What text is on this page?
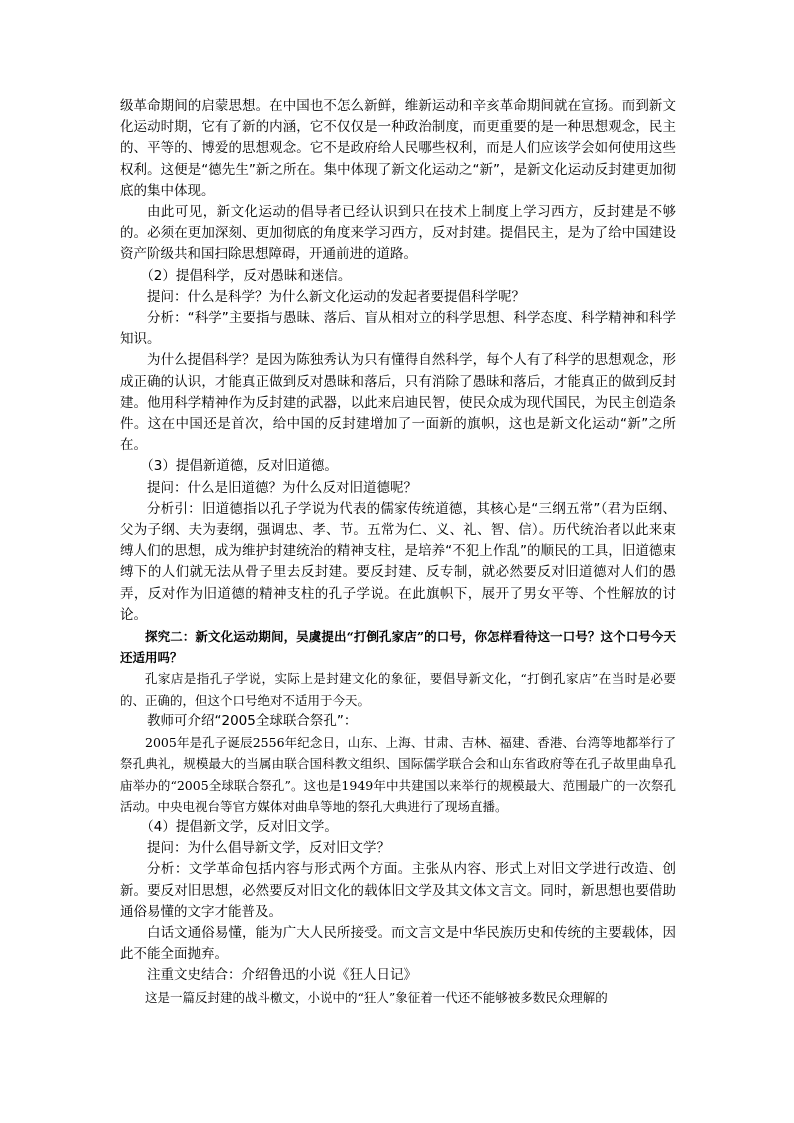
级革命期间的启蒙思想。在中国也不怎么新鲜，维新运动和辛亥革命期间就在宣扬。而到新文化运动时期，它有了新的内涵，它不仅仅是一种政治制度，而更重要的是一种思想观念，民主的、平等的、博爱的思想观念。它不是政府给人民哪些权利，而是人们应该学会如何使用这些权利。这便是“德先生”新之所在。集中体现了新文化运动之“新”，是新文化运动反封建更加彻底的集中体现。

由此可见，新文化运动的倡导者已经认识到只在技术上制度上学习西方，反封建是不够的。必须在更加深刻、更加彻底的角度来学习西方，反对封建。提倡民主，是为了给中国建设资产阶级共和国扫除思想障碍，开通前进的道路。

（2）提倡科学，反对愚昧和迷信。

提问：什么是科学？为什么新文化运动的发起者要提倡科学呢？

分析：“科学”主要指与愚昧、落后、盲从相对立的科学思想、科学态度、科学精神和科学知识。

为什么提倡科学？是因为陈独秀认为只有懂得自然科学，每个人有了科学的思想观念，形成正确的认识，才能真正做到反对愚昧和落后，只有消除了愚昧和落后，才能真正的做到反封建。他用科学精神作为反封建的武器，以此来启迪民智，使民众成为现代国民，为民主创造条件。这在中国还是首次，给中国的反封建增加了一面新的旗帜，这也是新文化运动“新”之所在。

（3）提倡新道德，反对旧道德。

提问：什么是旧道德？为什么反对旧道德呢？

分析引：旧道德指以孔子学说为代表的儒家传统道德，其核心是“三纲五常”（君为臣纲、父为子纲、夫为妻纲，强调忠、孝、节。五常为仁、义、礼、智、信）。历代统治者以此来束缚人们的思想，成为维护封建统治的精神支柱，是培养“不犯上作乱”的顺民的工具，旧道德束缚下的人们就无法从骨子里去反封建。要反封建、反专制，就必然要反对旧道德对人们的愚弄，反对作为旧道德的精神支柱的孔子学说。在此旗帜下，展开了男女平等、个性解放的讨论。

探究二：新文化运动期间，吴虞提出“打倒孔家店”的口号，你怎样看待这一口号？这个口号今天还适用吗？

孔家店是指孔子学说，实际上是封建文化的象征，要倡导新文化，“打倒孔家店”在当时是必要的、正确的，但这个口号绝对不适用于今天。

教师可介绍“2005全球联合祭孔”：

2005年是孔子诞辰2556年纪念日，山东、上海、甘肃、吉林、福建、香港、台湾等地都举行了祭孔典礼，规模最大的当属由联合国科教文组织、国际儒学联合会和山东省政府等在孔子故里曲阜孔庙举办的“2005全球联合祭孔”。这也是1949年中共建国以来举行的规模最大、范围最广的一次祭孔活动。中央电视台等官方媒体对曲阜等地的祭孔大典进行了现场直播。

（4）提倡新文学，反对旧文学。

提问：为什么倡导新文学，反对旧文学？

分析：文学革命包括内容与形式两个方面。主张从内容、形式上对旧文学进行改造、创新。要反对旧思想，必然要反对旧文化的载体旧文学及其文体文言文。同时，新思想也要借助通俗易懂的文字才能普及。

白话文通俗易懂，能为广大人民所接受。而文言文是中华民族历史和传统的主要载体，因此不能全面抛弃。

注重文史结合：介绍鲁迅的小说《狂人日记》

这是一篇反封建的战斗檄文，小说中的“狂人”象征着一代还不能够被多数民众理解的
